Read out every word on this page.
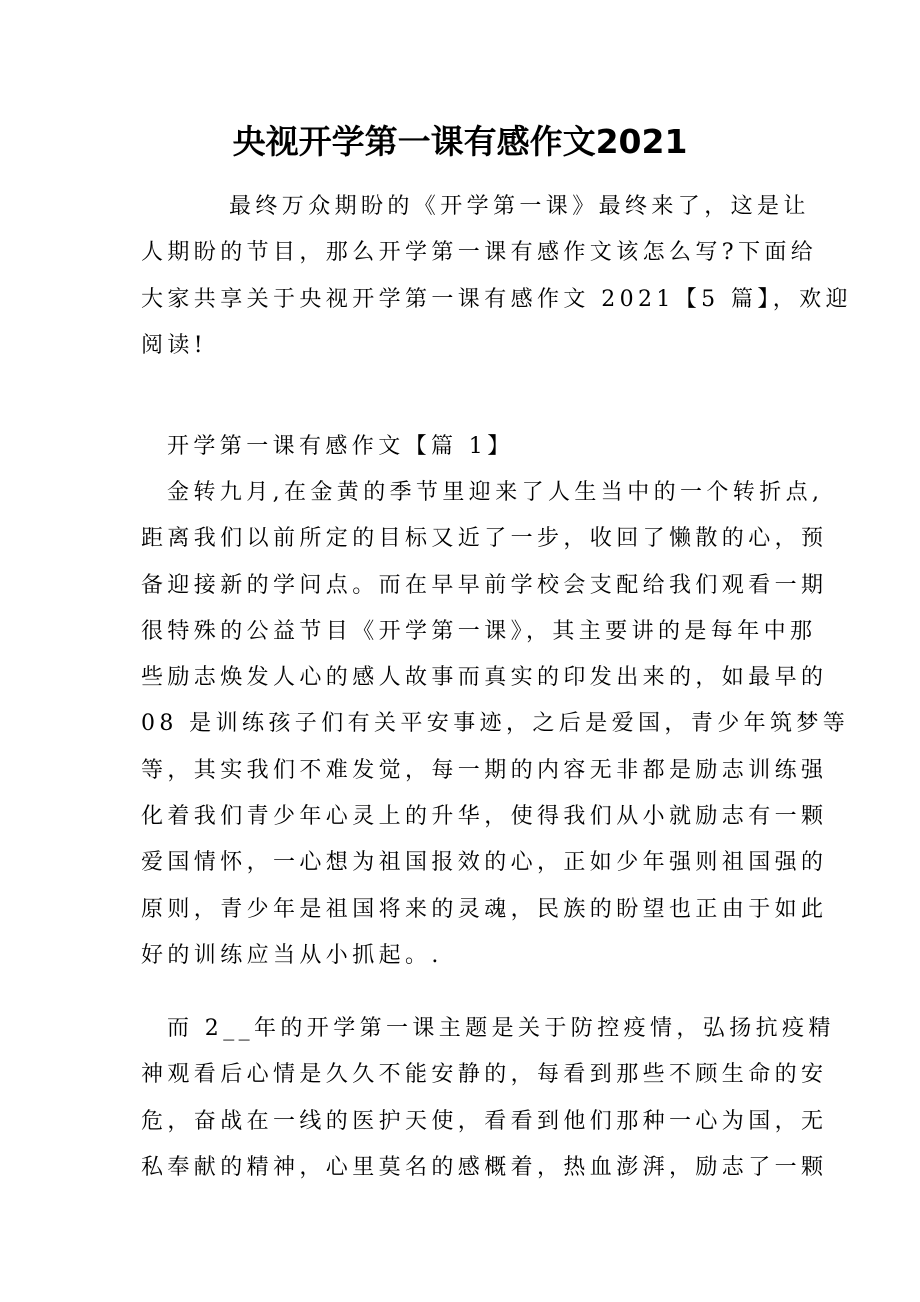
央视开学第一课有感作文2021
最终万众期盼的《开学第一课》最终来了，这是让
人期盼的节目，那么开学第一课有感作文该怎么写?下面给
大家共享关于央视开学第一课有感作文 2021【5 篇】，欢迎
阅读!
开学第一课有感作文【篇 1】
金转九月,在金黄的季节里迎来了人生当中的一个转折点,
距离我们以前所定的目标又近了一步，收回了懒散的心，预
备迎接新的学问点。而在早早前学校会支配给我们观看一期
很特殊的公益节目《开学第一课》，其主要讲的是每年中那
些励志焕发人心的感人故事而真实的印发出来的，如最早的
08 是训练孩子们有关平安事迹，之后是爱国，青少年筑梦等
等，其实我们不难发觉，每一期的内容无非都是励志训练强
化着我们青少年心灵上的升华，使得我们从小就励志有一颗
爱国情怀，一心想为祖国报效的心，正如少年强则祖国强的
原则，青少年是祖国将来的灵魂，民族的盼望也正由于如此
好的训练应当从小抓起。.
而 2__年的开学第一课主题是关于防控疫情，弘扬抗疫精
神观看后心情是久久不能安静的，每看到那些不顾生命的安
危，奋战在一线的医护天使，看看到他们那种一心为国，无
私奉献的精神，心里莫名的感概着，热血澎湃，励志了一颗
